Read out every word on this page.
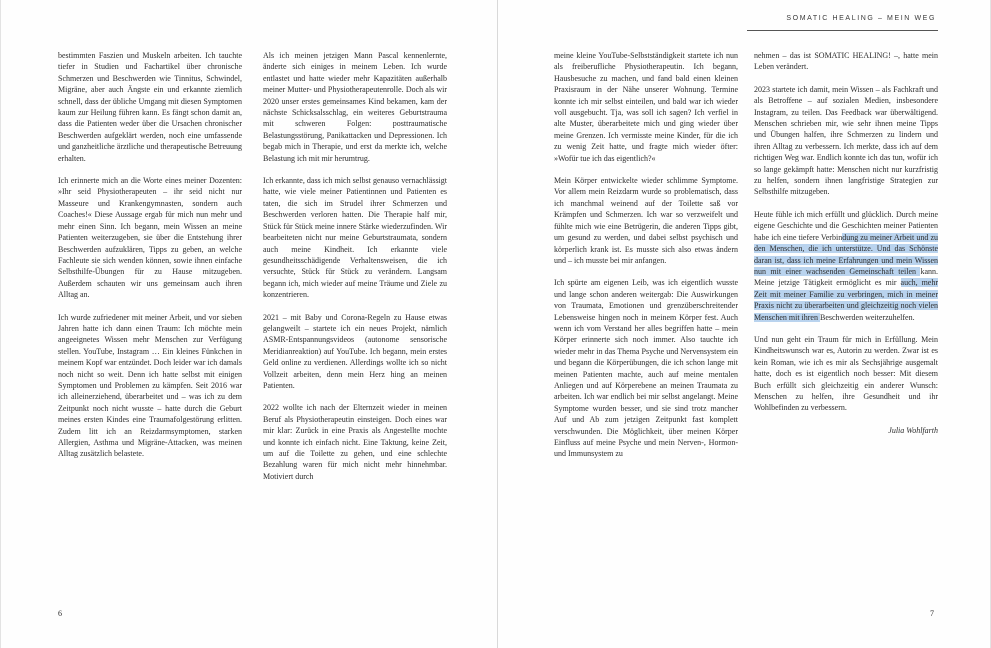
SOMATIC HEALING – MEIN WEG

bestimmten Faszien und Muskeln arbeiten. Ich tauchte tiefer in Studien und Fachartikel über chronische Schmerzen und Beschwerden wie Tinnitus, Schwindel, Migräne, aber auch Ängste ein und erkannte ziemlich schnell, dass der übliche Umgang mit diesen Symptomen kaum zur Heilung führen kann. Es fängt schon damit an, dass die Patienten weder über die Ursachen chronischer Beschwerden aufgeklärt werden, noch eine umfassende und ganzheitliche ärztliche und therapeutische Betreuung erhalten.

Ich erinnerte mich an die Worte eines meiner Dozenten: »Ihr seid Physiotherapeuten – ihr seid nicht nur Masseure und Krankengymnasten, sondern auch Coaches!« Diese Aussage ergab für mich nun mehr und mehr einen Sinn. Ich begann, mein Wissen an meine Patienten weiterzugeben, sie über die Entstehung ihrer Beschwerden aufzuklären, Tipps zu geben, an welche Fachleute sie sich wenden können, sowie ihnen einfache Selbsthilfe-Übungen für zu Hause mitzugeben. Außerdem schauten wir uns gemeinsam auch ihren Alltag an.

Ich wurde zufriedener mit meiner Arbeit, und vor sieben Jahren hatte ich dann einen Traum: Ich möchte mein angeeignetes Wissen mehr Menschen zur Verfügung stellen. YouTube, Instagram … Ein kleines Fünkchen in meinem Kopf war entzündet. Doch leider war ich damals noch nicht so weit. Denn ich hatte selbst mit einigen Symptomen und Problemen zu kämpfen. Seit 2016 war ich alleinerziehend, überarbeitet und – was ich zu dem Zeitpunkt noch nicht wusste – hatte durch die Geburt meines ersten Kindes eine Traumafolgestörung erlitten. Zudem litt ich an Reizdarmsymptomen, starken Allergien, Asthma und Migräne-Attacken, was meinen Alltag zusätzlich belastete.

Als ich meinen jetzigen Mann Pascal kennenlernte, änderte sich einiges in meinem Leben. Ich wurde entlastet und hatte wieder mehr Kapazitäten außerhalb meiner Mutter- und Physiotherapeutenrolle. Doch als wir 2020 unser erstes gemeinsames Kind bekamen, kam der nächste Schicksalsschlag, ein weiteres Geburtstrauma mit schweren Folgen: posttraumatische Belastungsstörung, Panikattacken und Depressionen. Ich begab mich in Therapie, und erst da merkte ich, welche Belastung ich mit mir herumtrug.

Ich erkannte, dass ich mich selbst genauso vernachlässigt hatte, wie viele meiner Patientinnen und Patienten es taten, die sich im Strudel ihrer Schmerzen und Beschwerden verloren hatten. Die Therapie half mir, Stück für Stück meine innere Stärke wiederzufinden. Wir bearbeiteten nicht nur meine Geburtstraumata, sondern auch meine Kindheit. Ich erkannte viele gesundheitsschädigende Verhaltensweisen, die ich versuchte, Stück für Stück zu verändern. Langsam begann ich, mich wieder auf meine Träume und Ziele zu konzentrieren.

2021 – mit Baby und Corona-Regeln zu Hause etwas gelangweilt – startete ich ein neues Projekt, nämlich ASMR-Entspannungsvideos (autonome sensorische Meridianreaktion) auf YouTube. Ich begann, mein erstes Geld online zu verdienen. Allerdings wollte ich so nicht Vollzeit arbeiten, denn mein Herz hing an meinen Patienten.

2022 wollte ich nach der Elternzeit wieder in meinen Beruf als Physiotherapeutin einsteigen. Doch eines war mir klar: Zurück in eine Praxis als Angestellte mochte und konnte ich einfach nicht. Eine Taktung, keine Zeit, um auf die Toilette zu gehen, und eine schlechte Bezahlung waren für mich nicht mehr hinnehmbar. Motiviert durch

meine kleine YouTube-Selbstständigkeit startete ich nun als freiberufliche Physiotherapeutin. Ich begann, Hausbesuche zu machen, und fand bald einen kleinen Praxisraum in der Nähe unserer Wohnung. Termine konnte ich mir selbst einteilen, und bald war ich wieder voll ausgebucht. Tja, was soll ich sagen? Ich verfiel in alte Muster, überarbeitete mich und ging wieder über meine Grenzen. Ich vermisste meine Kinder, für die ich zu wenig Zeit hatte, und fragte mich wieder öfter: »Wofür tue ich das eigentlich?«

Mein Körper entwickelte wieder schlimme Symptome. Vor allem mein Reizdarm wurde so problematisch, dass ich manchmal weinend auf der Toilette saß vor Krämpfen und Schmerzen. Ich war so verzweifelt und fühlte mich wie eine Betrügerin, die anderen Tipps gibt, um gesund zu werden, und dabei selbst psychisch und körperlich krank ist. Es musste sich also etwas ändern und – ich musste bei mir anfangen.

Ich spürte am eigenen Leib, was ich eigentlich wusste und lange schon anderen weitergab: Die Auswirkungen von Traumata, Emotionen und grenzüberschreitender Lebensweise hingen noch in meinem Körper fest. Auch wenn ich vom Verstand her alles begriffen hatte – mein Körper erinnerte sich noch immer. Also tauchte ich wieder mehr in das Thema Psyche und Nervensystem ein und begann die Körperübungen, die ich schon lange mit meinen Patienten machte, auch auf meine mentalen Anliegen und auf Körperebene an meinen Traumata zu arbeiten. Ich war endlich bei mir selbst angelangt. Meine Symptome wurden besser, und sie sind trotz mancher Auf und Ab zum jetzigen Zeitpunkt fast komplett verschwunden. Die Möglichkeit, über meinen Körper Einfluss auf meine Psyche und mein Nerven-, Hormon- und Immunsystem zu

nehmen – das ist SOMATIC HEALING! –, hatte mein Leben verändert.

2023 startete ich damit, mein Wissen – als Fachkraft und als Betroffene – auf sozialen Medien, insbesondere Instagram, zu teilen. Das Feedback war überwältigend. Menschen schrieben mir, wie sehr ihnen meine Tipps und Übungen halfen, ihre Schmerzen zu lindern und ihren Alltag zu verbessern. Ich merkte, dass ich auf dem richtigen Weg war. Endlich konnte ich das tun, wofür ich so lange gekämpft hatte: Menschen nicht nur kurzfristig zu helfen, sondern ihnen langfristige Strategien zur Selbsthilfe mitzugeben.

Heute fühle ich mich erfüllt und glücklich. Durch meine eigene Geschichte und die Geschichten meiner Patienten habe ich eine tiefere Verbindung zu meiner Arbeit und zu den Menschen, die ich unterstütze. Und das Schönste daran ist, dass ich meine Erfahrungen und mein Wissen nun mit einer wachsenden Gemeinschaft teilen kann. Meine jetzige Tätigkeit ermöglicht es mir auch, mehr Zeit mit meiner Familie zu verbringen, mich in meiner Praxis nicht zu überarbeiten und gleichzeitig noch vielen Menschen mit ihren Beschwerden weiterzuhelfen.

Und nun geht ein Traum für mich in Erfüllung. Mein Kindheitswunsch war es, Autorin zu werden. Zwar ist es kein Roman, wie ich es mir als Sechsjährige ausgemalt hatte, doch es ist eigentlich noch besser: Mit diesem Buch erfüllt sich gleichzeitig ein anderer Wunsch: Menschen zu helfen, ihre Gesundheit und ihr Wohlbefinden zu verbessern.

Julia Wohlfarth

6	7
